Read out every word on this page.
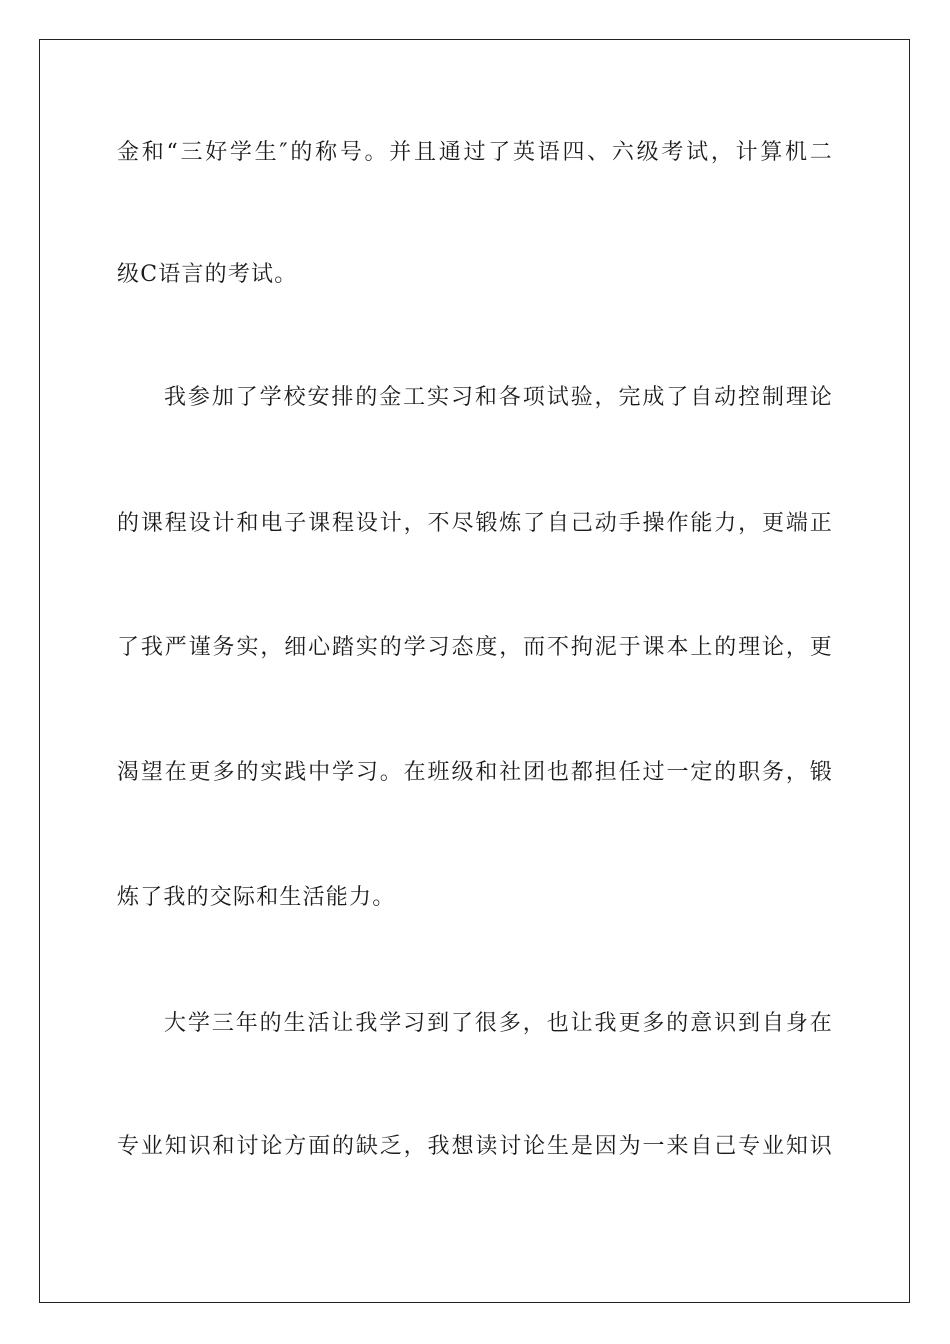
金和“三好学生″的称号。并且通过了英语四、六级考试，计算机二
级C语言的考试。
我参加了学校安排的金工实习和各项试验，完成了自动控制理论
的课程设计和电子课程设计，不尽锻炼了自己动手操作能力，更端正
了我严谨务实，细心踏实的学习态度，而不拘泥于课本上的理论，更
渴望在更多的实践中学习。在班级和社团也都担任过一定的职务，锻
炼了我的交际和生活能力。
大学三年的生活让我学习到了很多，也让我更多的意识到自身在
专业知识和讨论方面的缺乏，我想读讨论生是因为一来自己专业知识
